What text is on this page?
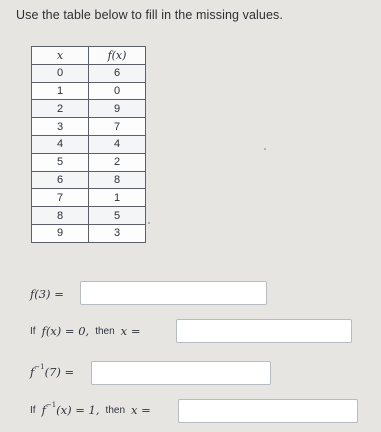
Use the table below to fill in the missing values.
x	f(x)
0	6
1	0
2	9
3	7
4	4
5	2
6	8
7	1
8	5
9	3
f(3) =
If f(x) = 0, then x =
$f^{-1}$ (7) =
If $f^{-1}$ (x) = 1, then x =
